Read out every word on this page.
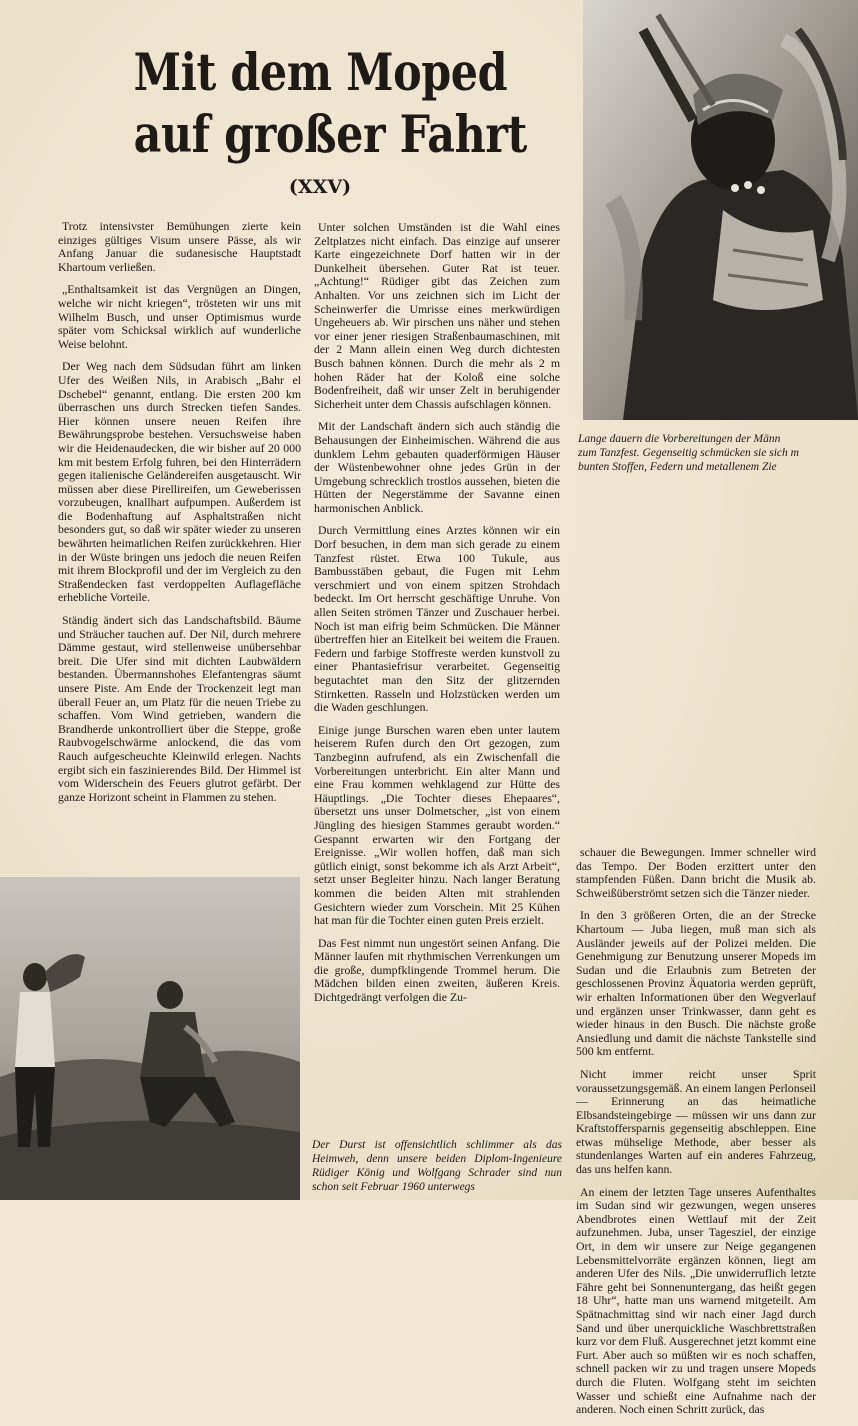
Mit dem Moped
auf großer Fahrt
(XXV)
Lange dauern die Vorbereitungen der Männ
zum Tanzfest. Gegenseitig schmücken sie sich m
bunten Stoffen, Federn und metallenem Zie
Der Durst ist offensichtlich schlimmer als das Heimweh, denn unsere beiden Diplom-Ingenieure Rüdiger König und Wolfgang Schrader sind nun schon seit Februar 1960 unterwegs

Trotz intensivster Bemühungen zierte kein einziges gültiges Visum unsere Pässe, als wir Anfang Januar die sudanesische Hauptstadt Khartoum verließen.

„Enthaltsamkeit ist das Vergnügen an Dingen, welche wir nicht kriegen“, trösteten wir uns mit Wilhelm Busch, und unser Optimismus wurde später vom Schicksal wirklich auf wunderliche Weise belohnt.

Der Weg nach dem Südsudan führt am linken Ufer des Weißen Nils, in Arabisch „Bahr el Dschebel“ genannt, entlang. Die ersten 200 km überraschen uns durch Strecken tiefen Sandes. Hier können unsere neuen Reifen ihre Bewährungsprobe bestehen. Versuchsweise haben wir die Heidenaudecken, die wir bisher auf 20 000 km mit bestem Erfolg fuhren, bei den Hinterrädern gegen italienische Geländereifen ausgetauscht. Wir müssen aber diese Pirellireifen, um Geweberissen vorzubeugen, knallhart aufpumpen. Außerdem ist die Bodenhaftung auf Asphaltstraßen nicht besonders gut, so daß wir später wieder zu unseren bewährten heimatlichen Reifen zurückkehren. Hier in der Wüste bringen uns jedoch die neuen Reifen mit ihrem Blockprofil und der im Vergleich zu den Straßendecken fast verdoppelten Auflagefläche erhebliche Vorteile.

Ständig ändert sich das Landschaftsbild. Bäume und Sträucher tauchen auf. Der Nil, durch mehrere Dämme gestaut, wird stellenweise unübersehbar breit. Die Ufer sind mit dichten Laubwäldern bestanden. Übermannshohes Elefantengras säumt unsere Piste. Am Ende der Trockenzeit legt man überall Feuer an, um Platz für die neuen Triebe zu schaffen. Vom Wind getrieben, wandern die Brandherde unkontrolliert über die Steppe, große Raubvogelschwärme anlockend, die das vom Rauch aufgescheuchte Kleinwild erlegen. Nachts ergibt sich ein faszinierendes Bild. Der Himmel ist vom Widerschein des Feuers glutrot gefärbt. Der ganze Horizont scheint in Flammen zu stehen.

Unter solchen Umständen ist die Wahl eines Zeltplatzes nicht einfach. Das einzige auf unserer Karte eingezeichnete Dorf hatten wir in der Dunkelheit übersehen. Guter Rat ist teuer. „Achtung!“ Rüdiger gibt das Zeichen zum Anhalten. Vor uns zeichnen sich im Licht der Scheinwerfer die Umrisse eines merkwürdigen Ungeheuers ab. Wir pirschen uns näher und stehen vor einer jener riesigen Straßenbaumaschinen, mit der 2 Mann allein einen Weg durch dichtesten Busch bahnen können. Durch die mehr als 2 m hohen Räder hat der Koloß eine solche Bodenfreiheit, daß wir unser Zelt in beruhigender Sicherheit unter dem Chassis aufschlagen können.

Mit der Landschaft ändern sich auch ständig die Behausungen der Einheimischen. Während die aus dunklem Lehm gebauten quaderförmigen Häuser der Wüstenbewohner ohne jedes Grün in der Umgebung schrecklich trostlos aussehen, bieten die Hütten der Negerstämme der Savanne einen harmonischen Anblick.

Durch Vermittlung eines Arztes können wir ein Dorf besuchen, in dem man sich gerade zu einem Tanzfest rüstet. Etwa 100 Tukule, aus Bambusstäben gebaut, die Fugen mit Lehm verschmiert und von einem spitzen Strohdach bedeckt. Im Ort herrscht geschäftige Unruhe. Von allen Seiten strömen Tänzer und Zuschauer herbei. Noch ist man eifrig beim Schmücken. Die Männer übertreffen hier an Eitelkeit bei weitem die Frauen. Federn und farbige Stoffreste werden kunstvoll zu einer Phantasiefrisur verarbeitet. Gegenseitig begutachtet man den Sitz der glitzernden Stirnketten. Rasseln und Holzstücken werden um die Waden geschlungen.

Einige junge Burschen waren eben unter lautem heiserem Rufen durch den Ort gezogen, zum Tanzbeginn aufrufend, als ein Zwischenfall die Vorbereitungen unterbricht. Ein alter Mann und eine Frau kommen wehklagend zur Hütte des Häuptlings. „Die Tochter dieses Ehepaares“, übersetzt uns unser Dolmetscher, „ist von einem Jüngling des hiesigen Stammes geraubt worden.“ Gespannt erwarten wir den Fortgang der Ereignisse. „Wir wollen hoffen, daß man sich gütlich einigt, sonst bekomme ich als Arzt Arbeit“, setzt unser Begleiter hinzu. Nach langer Beratung kommen die beiden Alten mit strahlenden Gesichtern wieder zum Vorschein. Mit 25 Kühen hat man für die Tochter einen guten Preis erzielt.

Das Fest nimmt nun ungestört seinen Anfang. Die Männer laufen mit rhythmischen Verrenkungen um die große, dumpfklingende Trommel herum. Die Mädchen bilden einen zweiten, äußeren Kreis. Dichtgedrängt verfolgen die Zu-

schauer die Bewegungen. Immer schneller wird das Tempo. Der Boden erzittert unter den stampfenden Füßen. Dann bricht die Musik ab. Schweißüberströmt setzen sich die Tänzer nieder.

In den 3 größeren Orten, die an der Strecke Khartoum — Juba liegen, muß man sich als Ausländer jeweils auf der Polizei melden. Die Genehmigung zur Benutzung unserer Mopeds im Sudan und die Erlaubnis zum Betreten der geschlossenen Provinz Äquatoria werden geprüft, wir erhalten Informationen über den Wegverlauf und ergänzen unser Trinkwasser, dann geht es wieder hinaus in den Busch. Die nächste große Ansiedlung und damit die nächste Tankstelle sind 500 km entfernt.

Nicht immer reicht unser Sprit voraussetzungsgemäß. An einem langen Perlonseil — Erinnerung an das heimatliche Elbsandsteingebirge — müssen wir uns dann zur Kraftstoffersparnis gegenseitig abschleppen. Eine etwas mühselige Methode, aber besser als stundenlanges Warten auf ein anderes Fahrzeug, das uns helfen kann.

An einem der letzten Tage unseres Aufenthaltes im Sudan sind wir gezwungen, wegen unseres Abendbrotes einen Wettlauf mit der Zeit aufzunehmen. Juba, unser Tagesziel, der einzige Ort, in dem wir unsere zur Neige gegangenen Lebensmittelvorräte ergänzen können, liegt am anderen Ufer des Nils. „Die unwiderruflich letzte Fähre geht bei Sonnenuntergang, das heißt gegen 18 Uhr“, hatte man uns warnend mitgeteilt. Am Spätnachmittag sind wir nach einer Jagd durch Sand und über unerquickliche Waschbrettstraßen kurz vor dem Fluß. Ausgerechnet jetzt kommt eine Furt. Aber auch so müßten wir es noch schaffen, schnell packen wir zu und tragen unsere Mopeds durch die Fluten. Wolfgang steht im seichten Wasser und schießt eine Aufnahme nach der anderen. Noch einen Schritt zurück, das
